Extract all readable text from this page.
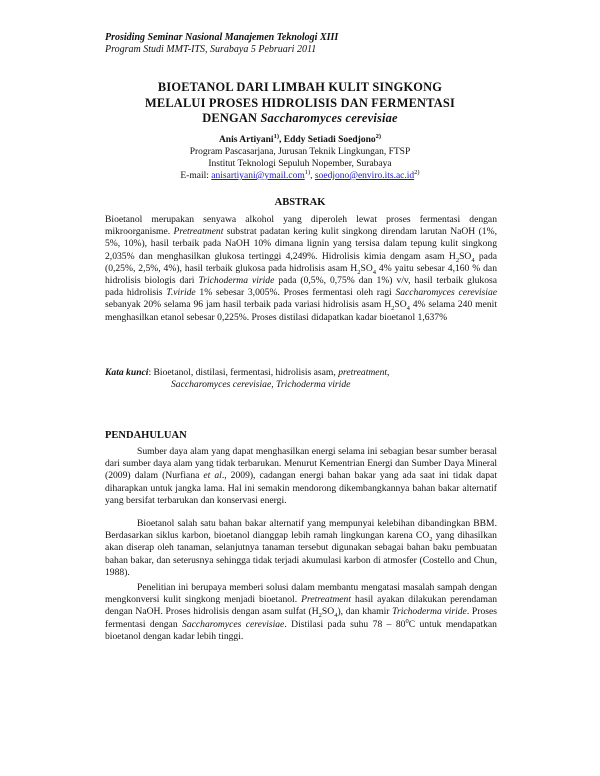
Prosiding Seminar Nasional Manajemen Teknologi XIII
Program Studi MMT-ITS, Surabaya 5 Pebruari 2011
BIOETANOL DARI LIMBAH KULIT SINGKONG
MELALUI PROSES HIDROLISIS DAN FERMENTASI
DENGAN Saccharomyces cerevisiae
Anis Artiyani$^{1)}$, Eddy Setiadi Soedjono$^{2)}$
Program Pascasarjana, Jurusan Teknik Lingkungan, FTSP
Institut Teknologi Sepuluh Nopember, Surabaya
E-mail: anisartiyani@ymail.com$^{1)}$, $soedjono@enviro.its.ac.id^{2)}$
ABSTRAK
Bioetanol merupakan senyawa alkohol yang diperoleh lewat proses fermentasi dengan mikroorganisme. Pretreatment substrat padatan kering kulit singkong direndam larutan NaOH (1%, 5%, 10%), hasil terbaik pada NaOH 10% dimana lignin yang tersisa dalam tepung kulit singkong 2,035% dan menghasilkan glukosa tertinggi 4,249%. Hidrolisis kimia dengam asam $H_2SO_4$ pada (0,25%, 2,5%, 4%), hasil terbaik glukosa pada hidrolisis asam $H_2SO_4$ 4% yaitu sebesar 4,160 % dan hidrolisis biologis dari Trichoderma viride pada (0,5%, 0,75% dan 1%) v/v, hasil terbaik glukosa pada hidrolisis T.viride 1% sebesar 3,005%. Proses fermentasi oleh ragi Saccharomyces cerevisiae sebanyak 20% selama 96 jam hasil terbaik pada variasi hidrolisis asam $H_2SO_4$ 4% selama 240 menit menghasilkan etanol sebesar 0,225%. Proses distilasi didapatkan kadar bioetanol 1,637%
Kata kunci: Bioetanol, distilasi, fermentasi, hidrolisis asam, pretreatment,
Saccharomyces cerevisiae, Trichoderma viride
PENDAHULUAN
Sumber daya alam yang dapat menghasilkan energi selama ini sebagian besar sumber berasal dari sumber daya alam yang tidak terbarukan. Menurut Kementrian Energi dan Sumber Daya Mineral (2009) dalam (Nurfiana et al., 2009), cadangan energi bahan bakar yang ada saat ini tidak dapat diharapkan untuk jangka lama. Hal ini semakin mendorong dikembangkannya bahan bakar alternatif yang bersifat terbarukan dan konservasi energi.
Bioetanol salah satu bahan bakar alternatif yang mempunyai kelebihan dibandingkan BBM. Berdasarkan siklus karbon, bioetanol dianggap lebih ramah lingkungan karena $CO_2$ yang dihasilkan akan diserap oleh tanaman, selanjutnya tanaman tersebut digunakan sebagai bahan baku pembuatan bahan bakar, dan seterusnya sehingga tidak terjadi akumulasi karbon di atmosfer (Costello and Chun, 1988).
Penelitian ini berupaya memberi solusi dalam membantu mengatasi masalah sampah dengan mengkonversi kulit singkong menjadi bioetanol. Pretreatment hasil ayakan dilakukan perendaman dengan NaOH. Proses hidrolisis dengan asam sulfat $(H_2SO_4)$, dan khamir Trichoderma viride. Proses fermentasi dengan Saccharomyces cerevisiae. Distilasi pada suhu $78 - 80^0C$ untuk mendapatkan bioetanol dengan kadar lebih tinggi.
